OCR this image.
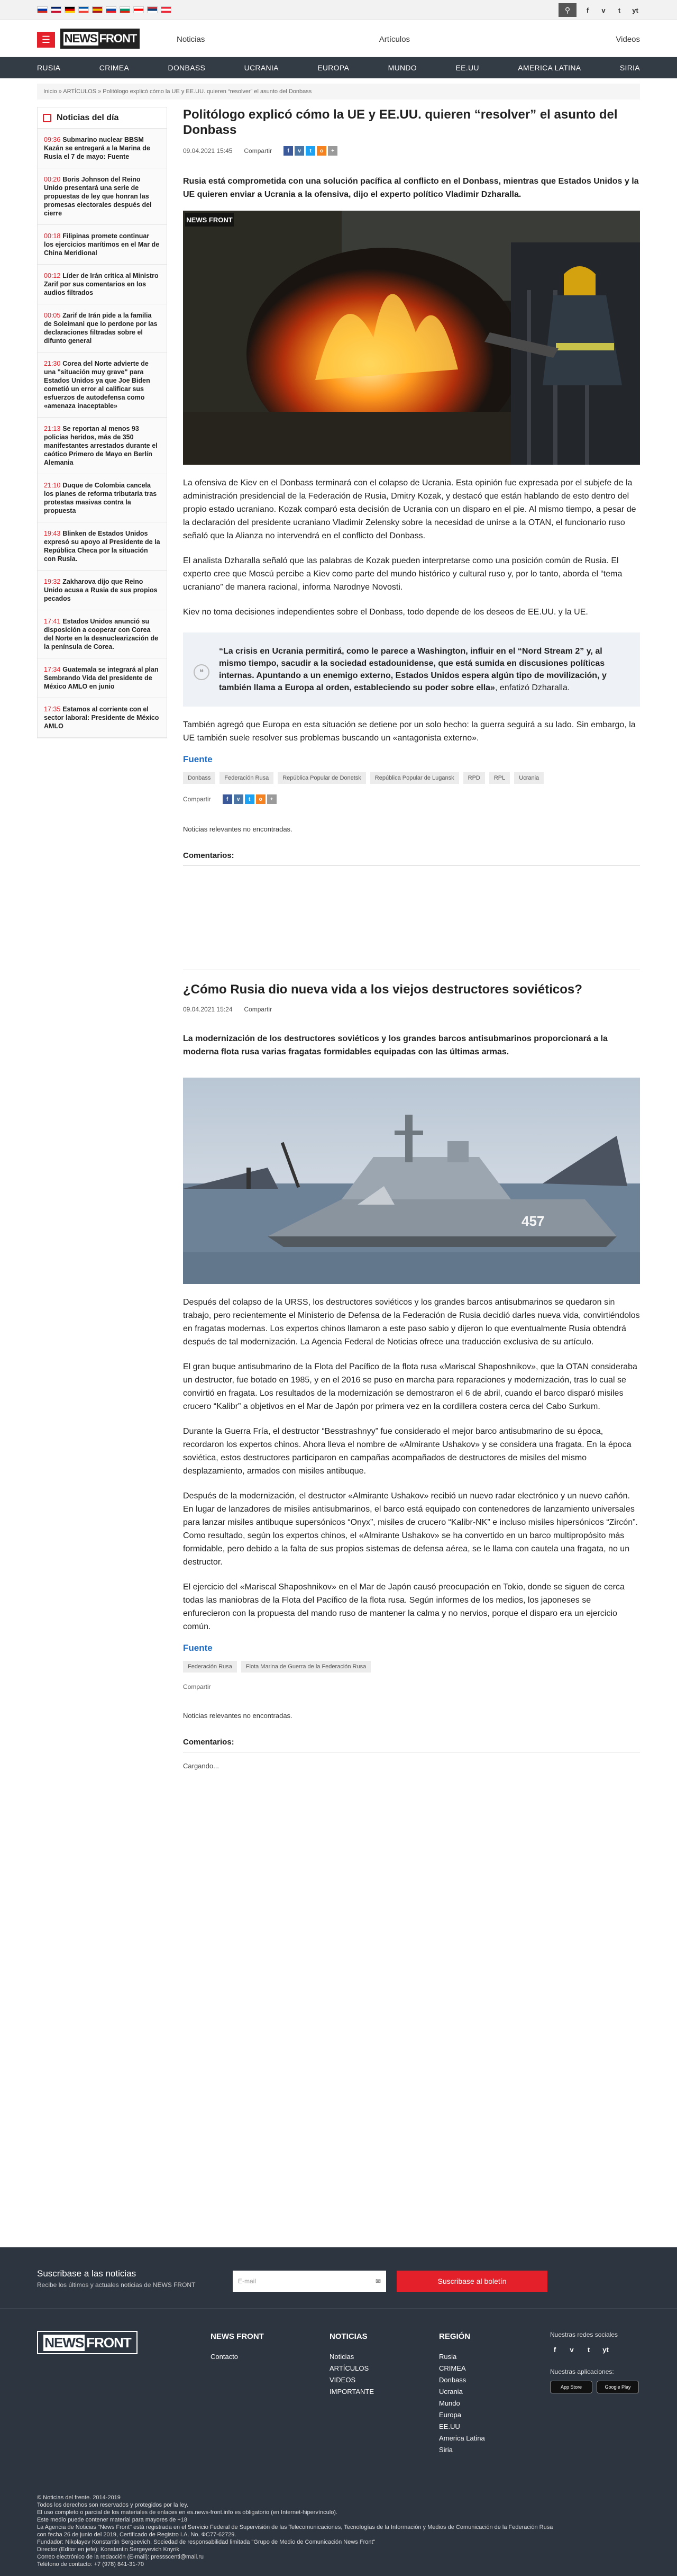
⚲	f	v	t	yt
☰ NEWS FRONT	Noticias	Artículos	Videos
RUSIA	CRIMEA	DONBASS	UCRANIA	EUROPA	MUNDO	EE.UU	AMERICA LATINA	SIRIA
Inicio » ARTÍCULOS » Politólogo explicó cómo la UE y EE.UU. quieren “resolver” el asunto del Donbass
Noticias del día
09:36 Submarino nuclear BBSM Kazán se entregará a la Marina de Rusia el 7 de mayo: Fuente
00:20 Boris Johnson del Reino Unido presentará una serie de propuestas de ley que honran las promesas electorales después del cierre
00:18 Filipinas promete continuar los ejercicios marítimos en el Mar de China Meridional
00:12 Líder de Irán critica al Ministro Zarif por sus comentarios en los audios filtrados
00:05 Zarif de Irán pide a la familia de Soleimani que lo perdone por las declaraciones filtradas sobre el difunto general
21:30 Corea del Norte advierte de una "situación muy grave" para Estados Unidos ya que Joe Biden cometió un error al calificar sus esfuerzos de autodefensa como «amenaza inaceptable»
21:13 Se reportan al menos 93 policías heridos, más de 350 manifestantes arrestados durante el caótico Primero de Mayo en Berlín Alemania
21:10 Duque de Colombia cancela los planes de reforma tributaria tras protestas masivas contra la propuesta
19:43 Blinken de Estados Unidos expresó su apoyo al Presidente de la República Checa por la situación con Rusia.
19:32 Zakharova dijo que Reino Unido acusa a Rusia de sus propios pecados
17:41 Estados Unidos anunció su disposición a cooperar con Corea del Norte en la desnuclearización de la península de Corea.
17:34 Guatemala se integrará al plan Sembrando Vida del presidente de México AMLO en junio
17:35 Estamos al corriente con el sector laboral: Presidente de México AMLO
Politólogo explicó cómo la UE y EE.UU. quieren “resolver” el asunto del Donbass
09.04.2021 15:45 Compartir	f	v	t	o	+

Rusia está comprometida con una solución pacífica al conflicto en el Donbass, mientras que Estados Unidos y la UE quieren enviar a Ucrania a la ofensiva, dijo el experto político Vladimir Dzharalla.

NEWS FRONT

La ofensiva de Kiev en el Donbass terminará con el colapso de Ucrania. Esta opinión fue expresada por el subjefe de la administración presidencial de la Federación de Rusia, Dmitry Kozak, y destacó que están hablando de esto dentro del propio estado ucraniano. Kozak comparó esta decisión de Ucrania con un disparo en el pie. Al mismo tiempo, a pesar de la declaración del presidente ucraniano Vladimir Zelensky sobre la necesidad de unirse a la OTAN, el funcionario ruso señaló que la Alianza no intervendrá en el conflicto del Donbass.

El analista Dzharalla señaló que las palabras de Kozak pueden interpretarse como una posición común de Rusia. El experto cree que Moscú percibe a Kiev como parte del mundo histórico y cultural ruso y, por lo tanto, aborda el “tema ucraniano” de manera racional, informa Narodnye Novosti.

Kiev no toma decisiones independientes sobre el Donbass, todo depende de los deseos de EE.UU. y la UE.

❝
“La crisis en Ucrania permitirá, como le parece a Washington, influir en el “Nord Stream 2” y, al mismo tiempo, sacudir a la sociedad estadounidense, que está sumida en discusiones políticas internas. Apuntando a un enemigo externo, Estados Unidos espera algún tipo de movilización, y también llama a Europa al orden, estableciendo su poder sobre ella», enfatizó Dzharalla.

También agregó que Europa en esta situación se detiene por un solo hecho: la guerra seguirá a su lado. Sin embargo, la UE también suele resolver sus problemas buscando un «antagonista externo».

Fuente
Donbass	Federación Rusa	República Popular de Donetsk	República Popular de Lugansk	RPD	RPL	Ucrania
Compartir	f	v	t	o	+
Noticias relevantes no encontradas.
Comentarios:
¿Cómo Rusia dio nueva vida a los viejos destructores soviéticos?
09.04.2021 15:24 Compartir

La modernización de los destructores soviéticos y los grandes barcos antisubmarinos proporcionará a la moderna flota rusa varias fragatas formidables equipadas con las últimas armas.

457

Después del colapso de la URSS, los destructores soviéticos y los grandes barcos antisubmarinos se quedaron sin trabajo, pero recientemente el Ministerio de Defensa de la Federación de Rusia decidió darles nueva vida, convirtiéndolos en fragatas modernas. Los expertos chinos llamaron a este paso sabio y dijeron lo que eventualmente Rusia obtendrá después de tal modernización. La Agencia Federal de Noticias ofrece una traducción exclusiva de su artículo.

El gran buque antisubmarino de la Flota del Pacífico de la flota rusa «Mariscal Shaposhnikov», que la OTAN consideraba un destructor, fue botado en 1985, y en el 2016 se puso en marcha para reparaciones y modernización, tras lo cual se convirtió en fragata. Los resultados de la modernización se demostraron el 6 de abril, cuando el barco disparó misiles crucero “Kalibr” a objetivos en el Mar de Japón por primera vez en la cordillera costera cerca del Cabo Surkum.

Durante la Guerra Fría, el destructor “Besstrashnyy” fue considerado el mejor barco antisubmarino de su época, recordaron los expertos chinos. Ahora lleva el nombre de «Almirante Ushakov» y se considera una fragata. En la época soviética, estos destructores participaron en campañas acompañados de destructores de misiles del mismo desplazamiento, armados con misiles antibuque.

Después de la modernización, el destructor «Almirante Ushakov» recibió un nuevo radar electrónico y un nuevo cañón. En lugar de lanzadores de misiles antisubmarinos, el barco está equipado con contenedores de lanzamiento universales para lanzar misiles antibuque supersónicos “Onyx”, misiles de crucero “Kalibr-NK” e incluso misiles hipersónicos “Zircón”. Como resultado, según los expertos chinos, el «Almirante Ushakov» se ha convertido en un barco multipropósito más formidable, pero debido a la falta de sus propios sistemas de defensa aérea, se le llama con cautela una fragata, no un destructor.

El ejercicio del «Mariscal Shaposhnikov» en el Mar de Japón causó preocupación en Tokio, donde se siguen de cerca todas las maniobras de la Flota del Pacífico de la flota rusa. Según informes de los medios, los japoneses se enfurecieron con la propuesta del mando ruso de mantener la calma y no nervios, porque el disparo era un ejercicio común.

Fuente
Federación Rusa	Flota Marina de Guerra de la Federación Rusa
Compartir
Noticias relevantes no encontradas.
Comentarios:
Cargando...
Suscribase a las noticias
Recibe los últimos y actuales noticias de NEWS FRONT	E-mail	✉	Suscribase al boletín
NEWS FRONT	NEWS FRONT
Contacto
NOTICIAS
Noticias
ARTÍCULOS
VIDEOS
IMPORTANTE
REGIÓN
Rusia
CRIMEA
Donbass
Ucrania
Mundo
Europa
EE.UU
America Latina
Siria
Nuestras redes sociales
f	v	t	yt
Nuestras aplicaciones:
App Store	Google Play
© Noticias del frente. 2014-2019
Todos los derechos son reservados y protegidos por la ley.
El uso completo o parcial de los materiales de enlaces en es.news-front.info es obligatorio (en Internet-hipervínculo).
Este medio puede contener material para mayores de +18
La Agencia de Noticias "News Front" está registrada en el Servicio Federal de Supervisión de las Telecomunicaciones, Tecnologías de la Información y Medios de Comunicación de la Federación Rusa
con fecha 26 de junio del 2019, Certificado de Registro I.A. No. ФС77-62729.
Fundador: Nikolayev Konstantin Sergeevich. Sociedad de responsabilidad limitada "Grupo de Medio de Comunicación News Front"
Director (Editor en jefe): Konstantin Sergeyevich Knyrik
Correo electrónico de la redacción (E-mail): pressscenti@mail.ru
Teléfono de contacto: +7 (978) 841-31-70
